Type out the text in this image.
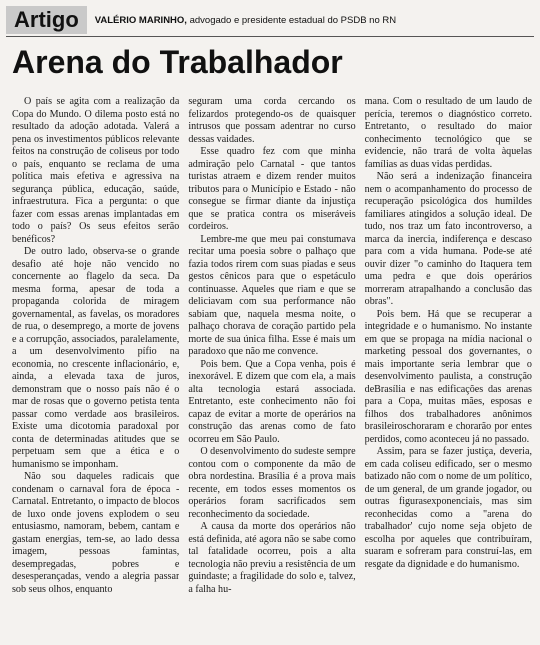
Artigo	VALÉRIO MARINHO, advogado e presidente estadual do PSDB no RN
Arena do Trabalhador

O país se agita com a realização da Copa do Mundo. O dilema posto está no resultado da adoção adotada. Valerá a pena os investimentos públicos relevante feitos na construção de coliseus por todo o país, enquanto se reclama de uma política mais efetiva e agressiva na segurança pública, educação, saúde, infraestrutura. Fica a pergunta: o que fazer com essas arenas implantadas em todo o país? Os seus efeitos serão benéficos?

De outro lado, observa-se o grande desafio até hoje não vencido no concernente ao flagelo da seca. Da mesma forma, apesar de toda a propaganda colorida de miragem governamental, as favelas, os moradores de rua, o desemprego, a morte de jovens e a corrupção, associados, paralelamente, a um desenvolvimento pífio na economia, no crescente inflacionário, e, ainda, a elevada taxa de juros, demonstram que o nosso país não é o mar de rosas que o governo petista tenta passar como verdade aos brasileiros. Existe uma dicotomia paradoxal por conta de determinadas atitudes que se perpetuam sem que a ética e o humanismo se imponham.

Não sou daqueles radicais que condenam o carnaval fora de época - Carnatal. Entretanto, o impacto de blocos de luxo onde jovens explodem o seu entusiasmo, namoram, bebem, cantam e gastam energias, tem-se, ao lado dessa imagem, pessoas famintas, desempregadas, pobres e desesperançadas, vendo a alegria passar sob seus olhos, enquanto

seguram uma corda cercando os felizardos protegendo-os de quaisquer intrusos que possam adentrar no curso dessas vaidades.

Esse quadro fez com que minha admiração pelo Carnatal - que tantos turistas atraem e dizem render muitos tributos para o Município e Estado - não consegue se firmar diante da injustiça que se pratica contra os miseráveis cordeiros.

Lembre-me que meu pai constumava recitar uma poesia sobre o palhaço que fazia todos rirem com suas piadas e seus gestos cênicos para que o espetáculo continuasse. Aqueles que riam e que se deliciavam com sua performance não sabiam que, naquela mesma noite, o palhaço chorava de coração partido pela morte de sua única filha. Esse é mais um paradoxo que não me convence.

Pois bem. Que a Copa venha, pois é inexorável. E dizem que com ela, a mais alta tecnologia estará associada. Entretanto, este conhecimento não foi capaz de evitar a morte de operários na construção das arenas como de fato ocorreu em São Paulo.

O desenvolvimento do sudeste sempre contou com o componente da mão de obra nordestina. Brasília é a prova mais recente, em todos esses momentos os operários foram sacrificados sem reconhecimento da sociedade.

A causa da morte dos operários não está definida, até agora não se sabe como tal fatalidade ocorreu, pois a alta tecnologia não previu a resistência de um guindaste; a fragilidade do solo e, talvez, a falha hu-

mana. Com o resultado de um laudo de perícia, teremos o diagnóstico correto. Entretanto, o resultado do maior conhecimento tecnológico que se evidencie, não trará de volta àquelas famílias as duas vidas perdidas.

Não será a indenização financeira nem o acompanhamento do processo de recuperação psicológica dos humildes familiares atingidos a solução ideal. De tudo, nos traz um fato incontroverso, a marca da inercia, indiferença e descaso para com a vida humana. Pode-se até ouvir dizer "o caminho do Itaquera tem uma pedra e que dois operários morreram atrapalhando a conclusão das obras".

Pois bem. Há que se recuperar a integridade e o humanismo. No instante em que se propaga na mídia nacional o marketing pessoal dos governantes, o mais importante seria lembrar que o desenvolvimento paulista, a construção deBrasília e nas edificações das arenas para a Copa, muitas mães, esposas e filhos dos trabalhadores anônimos brasileiroschoraram e chorarão por entes perdidos, como aconteceu já no passado.

Assim, para se fazer justiça, deveria, em cada coliseu edificado, ser o mesmo batizado não com o nome de um político, de um general, de um grande jogador, ou outras figurasexponenciais, mas sim reconhecidas como a "arena do trabalhador' cujo nome seja objeto de escolha por aqueles que contribuíram, suaram e sofreram para construí-las, em resgate da dignidade e do humanismo.
